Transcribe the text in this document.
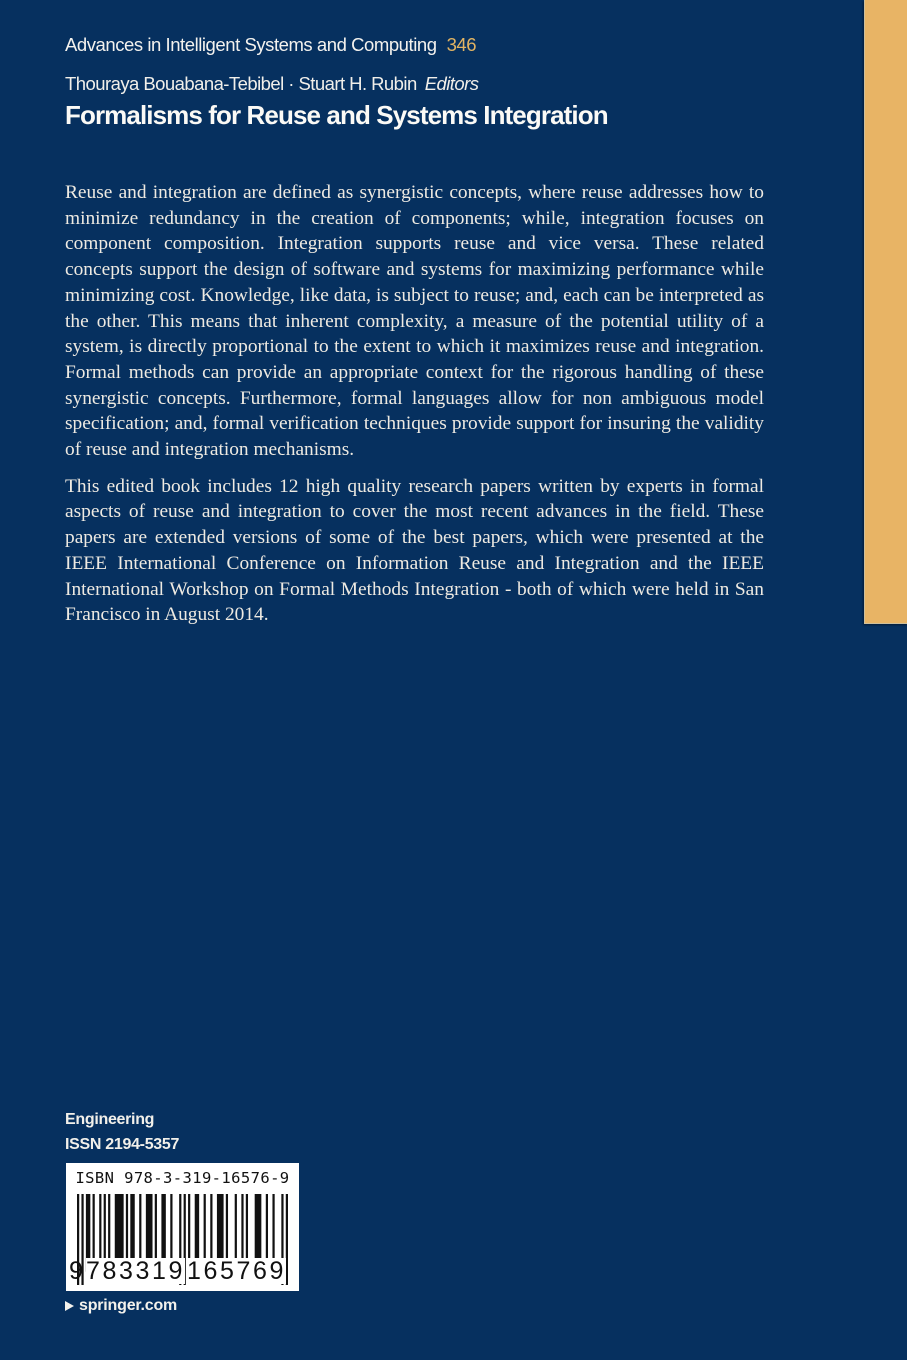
Advances in Intelligent Systems and Computing 346
Thouraya Bouabana-Tebibel · Stuart H. Rubin Editors
Formalisms for Reuse and Systems Integration

Reuse and integration are defined as synergistic concepts, where reuse addresses how to minimize redundancy in the creation of components; while, integration focuses on component composition. Integration supports reuse and vice versa. These related concepts support the design of software and systems for maximizing performance while minimizing cost. Knowledge, like data, is subject to reuse; and, each can be interpreted as the other. This means that inherent complexity, a measure of the potential utility of a system, is directly proportional to the extent to which it maximizes reuse and integration. Formal methods can provide an appropriate context for the rigorous handling of these synergistic concepts. Furthermore, formal languages allow for non ambiguous model specification; and, formal verification techniques provide support for insuring the validity of reuse and integration mechanisms.

This edited book includes 12 high quality research papers written by experts in formal aspects of reuse and integration to cover the most recent advances in the field. These papers are extended versions of some of the best papers, which were presented at the IEEE International Conference on Information Reuse and Integration and the IEEE International Workshop on Formal Methods Integration - both of which were held in San Francisco in August 2014.

Engineering
ISSN 2194-5357
ISBN 978-3-319-16576-9
9 783319 165769
springer.com
